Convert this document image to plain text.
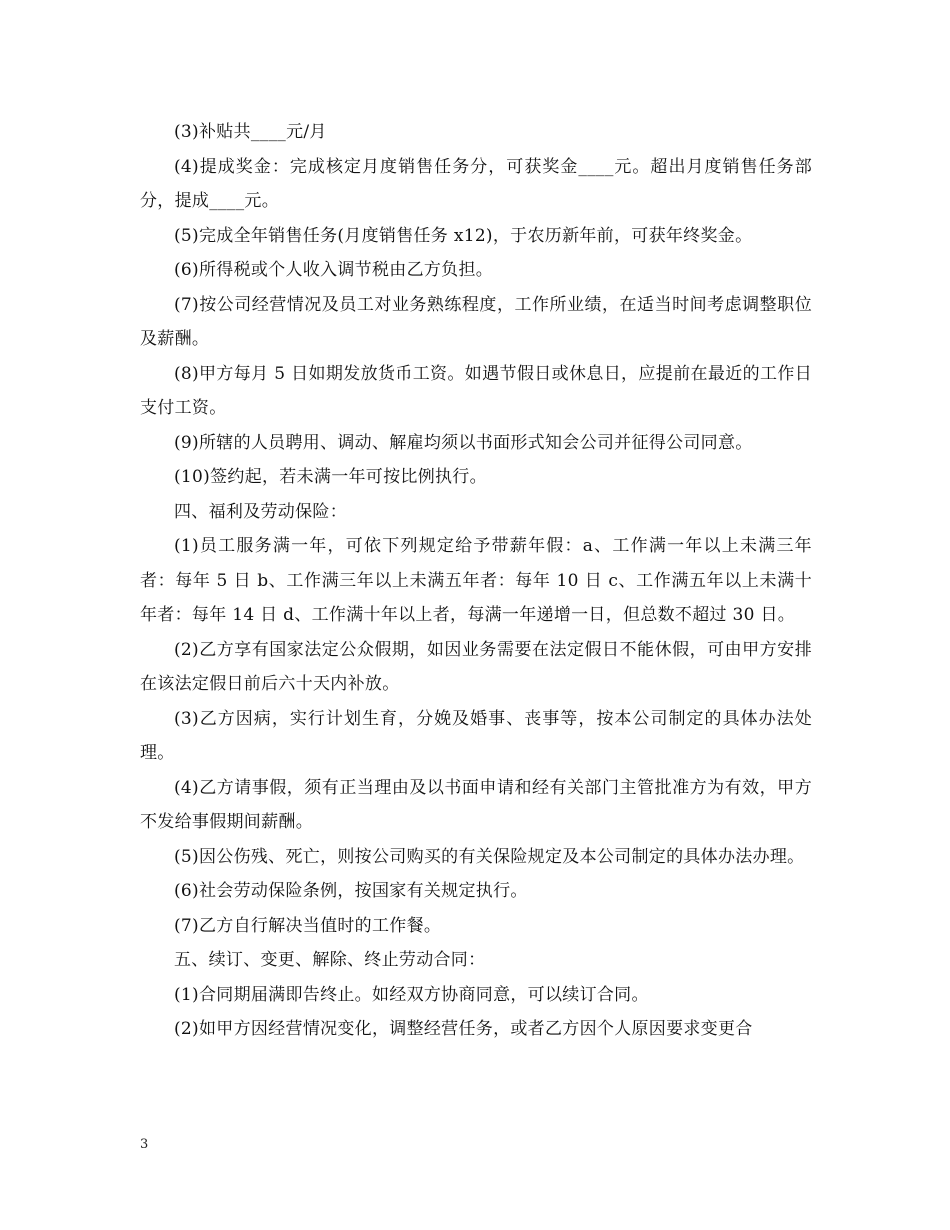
(3)补贴共____元/月

(4)提成奖金：完成核定月度销售任务分，可获奖金____元。超出月度销售任务部分，提成____元。

(5)完成全年销售任务(月度销售任务 x12)，于农历新年前，可获年终奖金。

(6)所得税或个人收入调节税由乙方负担。

(7)按公司经营情况及员工对业务熟练程度，工作所业绩，在适当时间考虑调整职位及薪酬。

(8)甲方每月 5 日如期发放货币工资。如遇节假日或休息日，应提前在最近的工作日支付工资。

(9)所辖的人员聘用、调动、解雇均须以书面形式知会公司并征得公司同意。

(10)签约起，若未满一年可按比例执行。

四、福利及劳动保险：

(1)员工服务满一年，可依下列规定给予带薪年假：a、工作满一年以上未满三年者：每年 5 日 b、工作满三年以上未满五年者：每年 10 日 c、工作满五年以上未满十年者：每年 14 日 d、工作满十年以上者，每满一年递增一日，但总数不超过 30 日。

(2)乙方享有国家法定公众假期，如因业务需要在法定假日不能休假，可由甲方安排在该法定假日前后六十天内补放。

(3)乙方因病，实行计划生育，分娩及婚事、丧事等，按本公司制定的具体办法处理。

(4)乙方请事假，须有正当理由及以书面申请和经有关部门主管批准方为有效，甲方不发给事假期间薪酬。

(5)因公伤残、死亡，则按公司购买的有关保险规定及本公司制定的具体办法办理。

(6)社会劳动保险条例，按国家有关规定执行。

(7)乙方自行解决当值时的工作餐。

五、续订、变更、解除、终止劳动合同：

(1)合同期届满即告终止。如经双方协商同意，可以续订合同。

(2)如甲方因经营情况变化，调整经营任务，或者乙方因个人原因要求变更合

3
